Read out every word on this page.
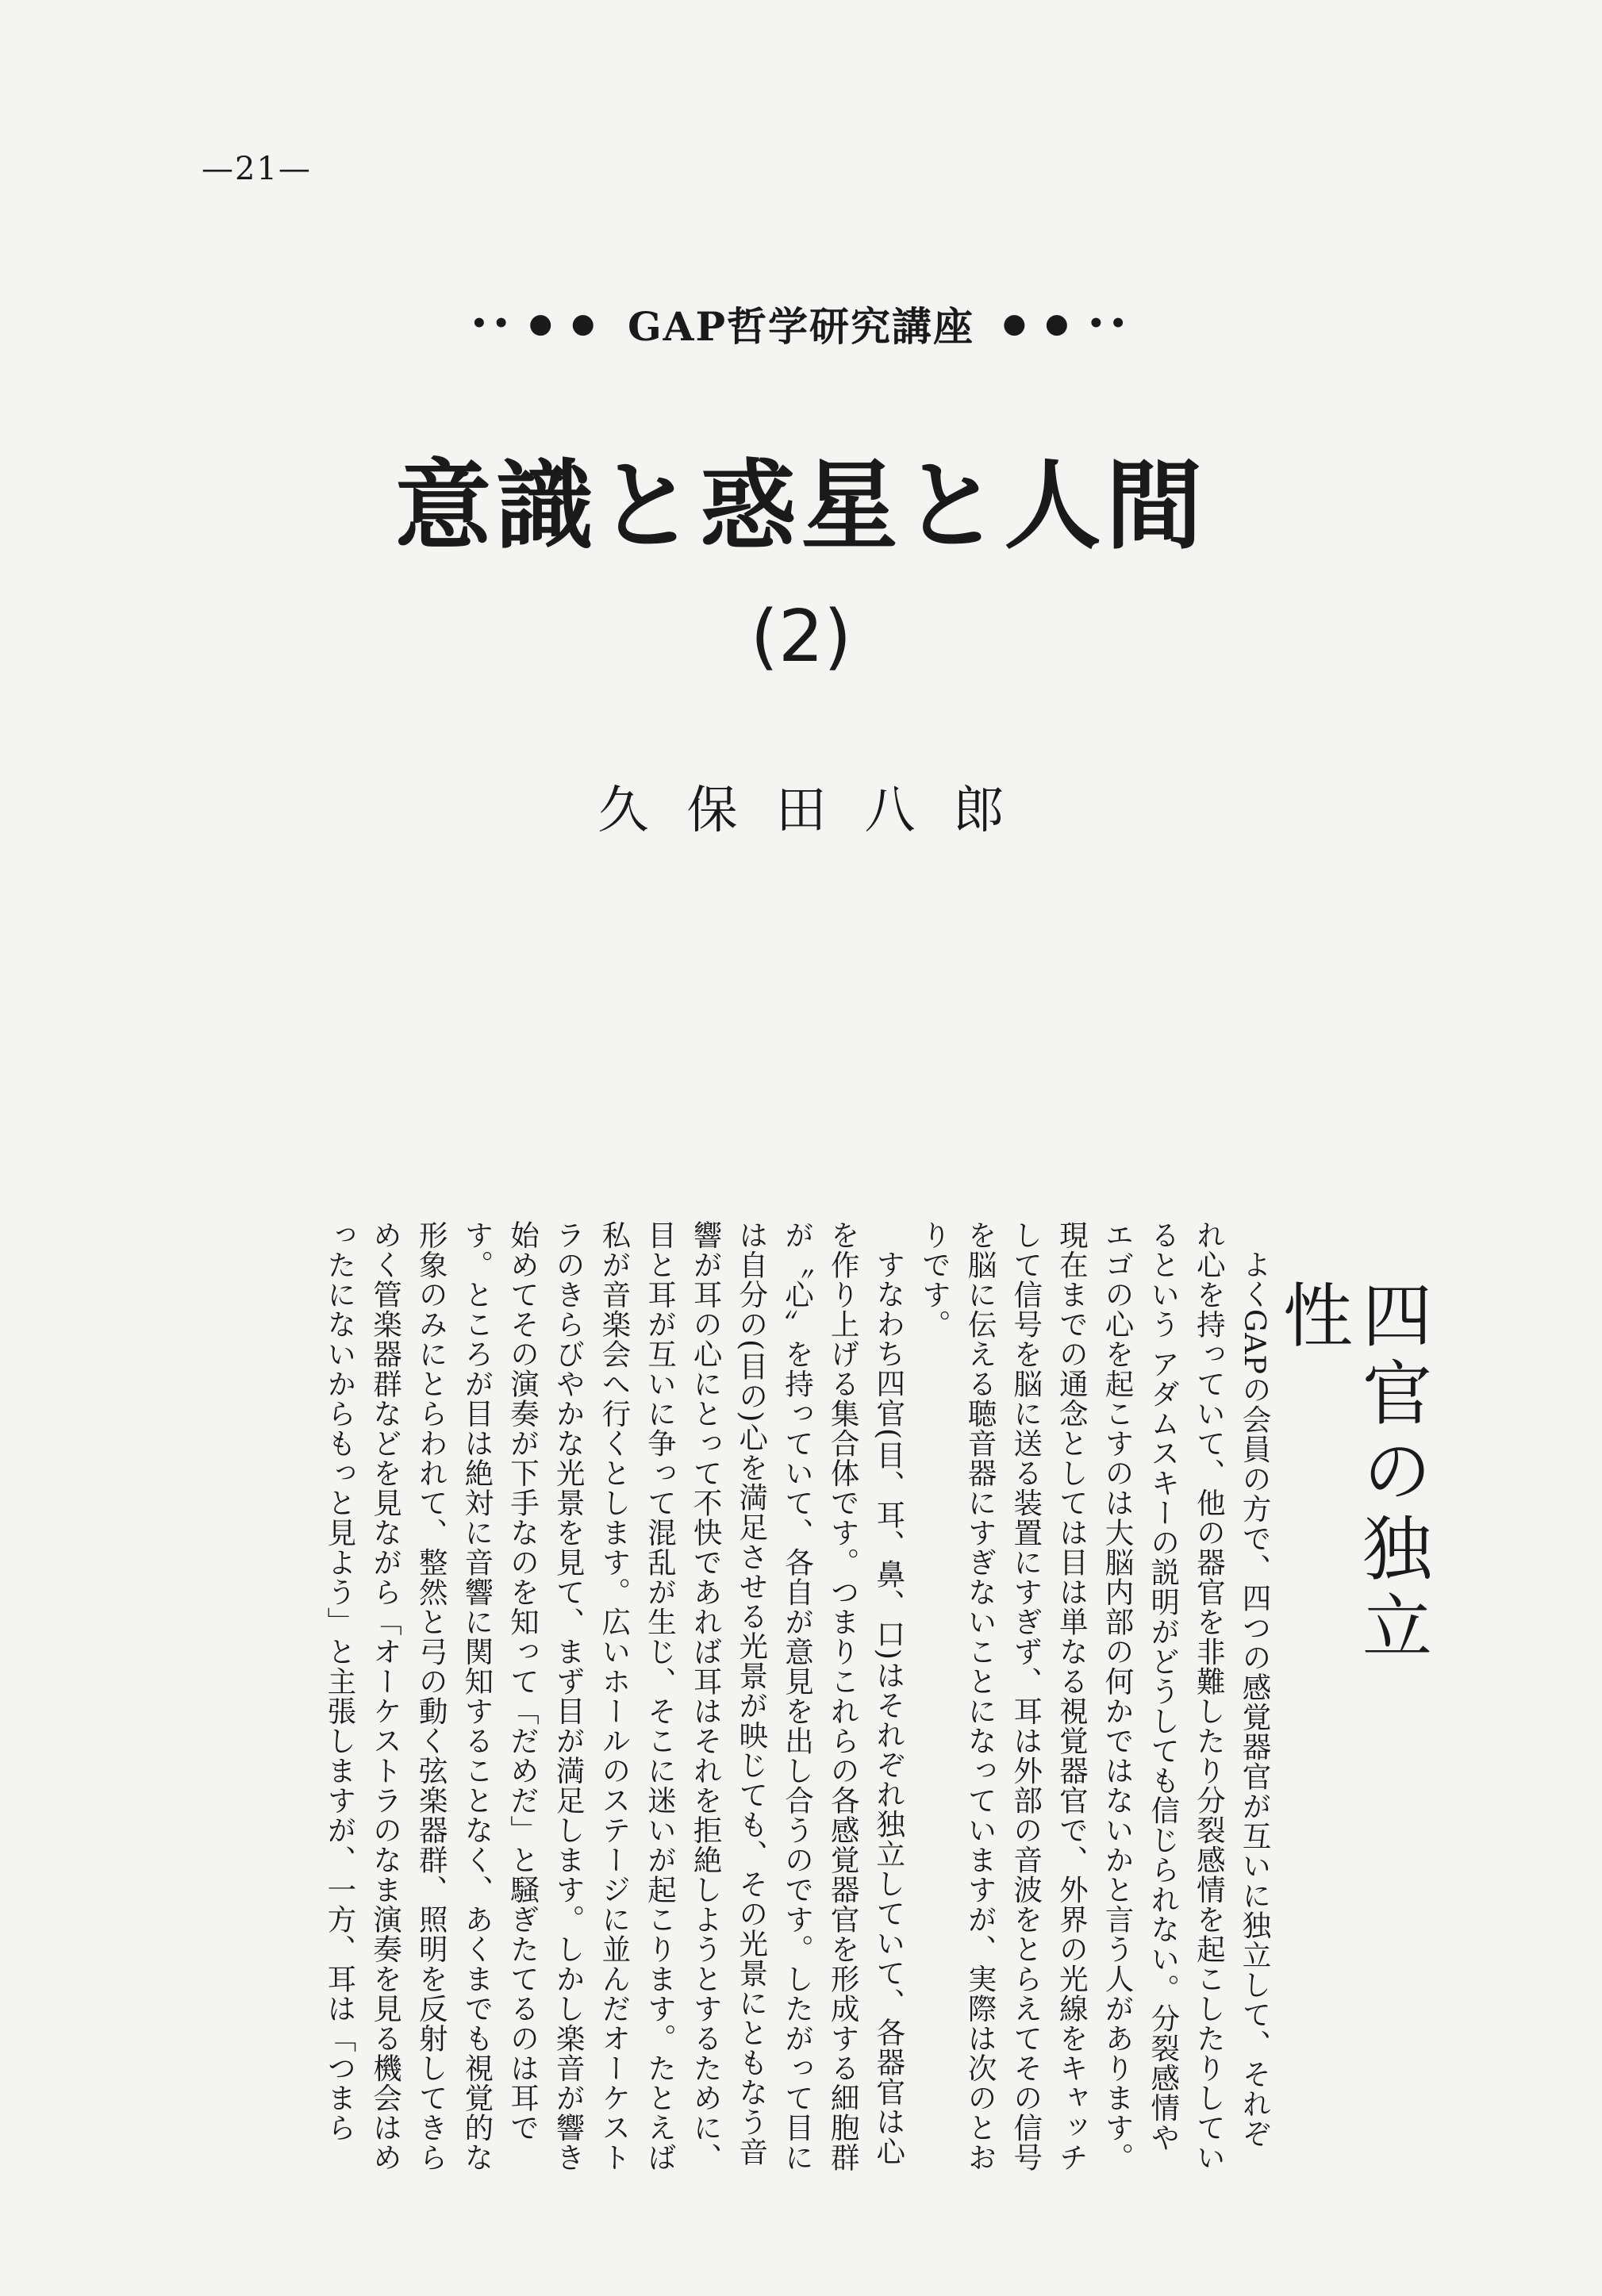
—21—
•• ● ● GAP哲学研究講座 ● ● ••
意識と惑星と人間
(2)
久保田八郎
四官の独立性

よくGAPの会員の方で、四つの感覚器官が互いに独立して、それぞれ心を持っていて、他の器官を非難したり分裂感情を起こしたりしているという アダムスキーの説明がどうしても信じられない。分裂感情やエゴの心を起こすのは大脳内部の何かではないかと言う人があります。現在までの通念としては目は単なる視覚器官で、外界の光線をキャッチして信号を脳に送る装置にすぎず、耳は外部の音波をとらえてその信号を脳に伝える聴音器にすぎないことになっていますが、実際は次のとおりです。

すなわち四官(目、耳、鼻、口)はそれぞれ独立していて、各器官は心を作り上げる集合体です。つまりこれらの各感覚器官を形成する細胞群が〝心〟を持っていて、各自が意見を出し合うのです。したがって目には自分の(目の)心を満足させる光景が映じても、その光景にともなう音響が耳の心にとって不快であれば耳はそれを拒絶しようとするために、目と耳が互いに争って混乱が生じ、そこに迷いが起こります。たとえば私が音楽会へ行くとします。広いホールのステージに並んだオーケストラのきらびやかな光景を見て、まず目が満足します。しかし楽音が響き始めてその演奏が下手なのを知って「だめだ」と騒ぎたてるのは耳です。ところが目は絶対に音響に関知することなく、あくまでも視覚的な形象のみにとらわれて、整然と弓の動く弦楽器群、照明を反射してきらめく管楽器群などを見ながら「オーケストラのなま演奏を見る機会はめったにないからもっと見よう」と主張しますが、一方、耳は「つまら
